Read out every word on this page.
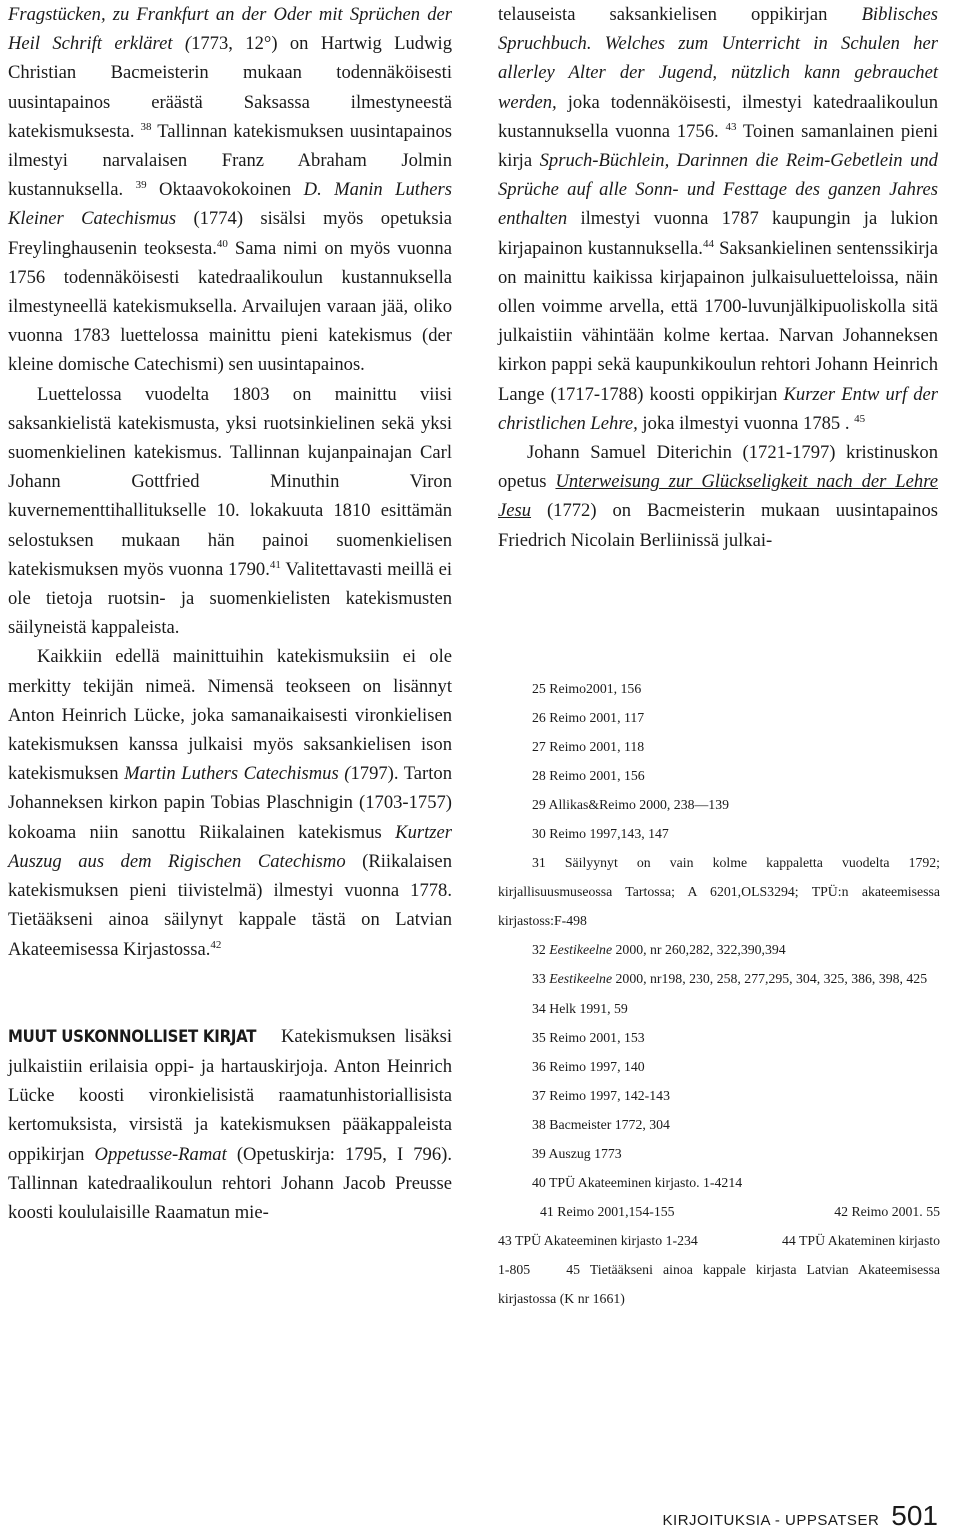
Fragstücken, zu Frankfurt an der Oder mit Sprüchen der Heil Schrift erkläret (1773, 12°) on Hartwig Ludwig Christian Bacmeisterin mukaan todennäköisesti uusintapainos eräästä Saksassa ilmestyneestä katekismuksesta. $^{38}$ Tallinnan katekismuksen uusintapainos ilmestyi narvalaisen Franz Abraham Jolmin kustannuksella. $^{39}$ Oktaavokokoinen D. Manin Luthers Kleiner Catechismus (1774) sisälsi myös opetuksia Freylinghausenin teoksesta.$^{40}$ Sama nimi on myös vuonna 1756 todennäköisesti katedraalikoulun kustannuksella ilmestyneellä katekismuksella. Arvailujen varaan jää, oliko vuonna 1783 luettelossa mainittu pieni katekismus (der kleine domische Catechismi) sen uusintapainos.

Luettelossa vuodelta 1803 on mainittu viisi saksankielistä katekismusta, yksi ruotsinkielinen sekä yksi suomenkielinen katekismus. Tallinnan kujanpainajan Carl Johann Gottfried Minuthin Viron kuvernementtihallitukselle 10. lokakuuta 1810 esittämän selostuksen mukaan hän painoi suomenkielisen katekismuksen myös vuonna 1790.41 Valitettavasti meillä ei ole tietoja ruotsin- ja suomenkielisten katekismusten säilyneistä kappaleista.

Kaikkiin edellä mainittuihin katekismuksiin ei ole merkitty tekijän nimeä. Nimensä teokseen on lisännyt Anton Heinrich Lücke, joka samanaikaisesti vironkielisen katekismuksen kanssa julkaisi myös saksankielisen ison katekismuksen Martin Luthers Catechismus (1797). Tarton Johanneksen kirkon papin Tobias Plaschnigin (1703-1757) kokoama niin sanottu Riikalainen katekismus Kurtzer Auszug aus dem Rigischen Catechismo (Riikalaisen katekismuksen pieni tiivistelmä) ilmestyi vuonna 1778. Tietääkseni ainoa säilynyt kappale tästä on Latvian Akateemisessa Kirjastossa.$^{42}$

MUUT USKONNOLLISET KIRJAT Katekismuksen lisäksi julkaistiin erilaisia oppi- ja hartauskirjoja. Anton Heinrich Lücke koosti vironkielisistä raamatunhistoriallisista kertomuksista, virsistä ja katekismuksen pääkappaleista oppikirjan Oppetusse-Ramat (Opetuskirja: 1795, I 796). Tallinnan katedraalikoulun rehtori Johann Jacob Preusse koosti koululaisille Raamatun mie-

telauseista saksankielisen oppikirjan Biblisches Spruchbuch. Welches zum Unterricht in Schulen her allerley Alter der Jugend, nützlich kann gebrauchet werden, joka todennäköisesti, ilmestyi katedraalikoulun kustannuksella vuonna 1756. $^{43}$ Toinen samanlainen pieni kirja Spruch-Büchlein, Darinnen die Reim-Gebetlein und Sprüche auf alle Sonn- und Festtage des ganzen Jahres enthalten ilmestyi vuonna 1787 kaupungin ja lukion kirjapainon kustannuksella.$^{44}$ Saksankielinen sentenssikirja on mainittu kaikissa kirjapainon julkaisuluetteloissa, näin ollen voimme arvella, että 1700-luvunjälkipuoliskolla sitä julkaistiin vähintään kolme kertaa. Narvan Johanneksen kirkon pappi sekä kaupunkikoulun rehtori Johann Heinrich Lange (1717-1788) koosti oppikirjan Kurzer Entw urf der christlichen Lehre, joka ilmestyi vuonna 1785 . $^{45}$

Johann Samuel Diterichin (1721-1797) kristinuskon opetus Unterweisung zur Glückseligkeit nach der Lehre Jesu (1772) on Bacmeisterin mukaan uusintapainos Friedrich Nicolain Berliinissä julkai-

25 Reimo2001, 156
26 Reimo 2001, 117
27 Reimo 2001, 118
28 Reimo 2001, 156
29 Allikas&Reimo 2000, 238—139
30 Reimo 1997,143, 147
31 Säilyynyt on vain kolme kappaletta vuodelta 1792; kirjallisuusmuseossa Tartossa; A 6201,OLS3294; TPÜ:n akateemisessa kirjastoss:F-498
32 Eestikeelne 2000, nr 260,282, 322,390,394
33 Eestikeelne 2000, nr198, 230, 258, 277,295, 304, 325, 386, 398, 425
34 Helk 1991, 59
35 Reimo 2001, 153
36 Reimo 1997, 140
37 Reimo 1997, 142-143
38 Bacmeister 1772, 304
39 Auszug 1773
40 TPÜ Akateeminen kirjasto. 1-4214
41 Reimo 2001,154-155	42 Reimo 2001. 55
43 TPÜ Akateeminen kirjasto 1-234	44 TPÜ Akateminen kirjasto
1-805	45 Tietääkseni ainoa kappale kirjasta Latvian Akateemisessa kirjastossa (K nr 1661)
KIRJOITUKSIA - UPPSATSER 501
